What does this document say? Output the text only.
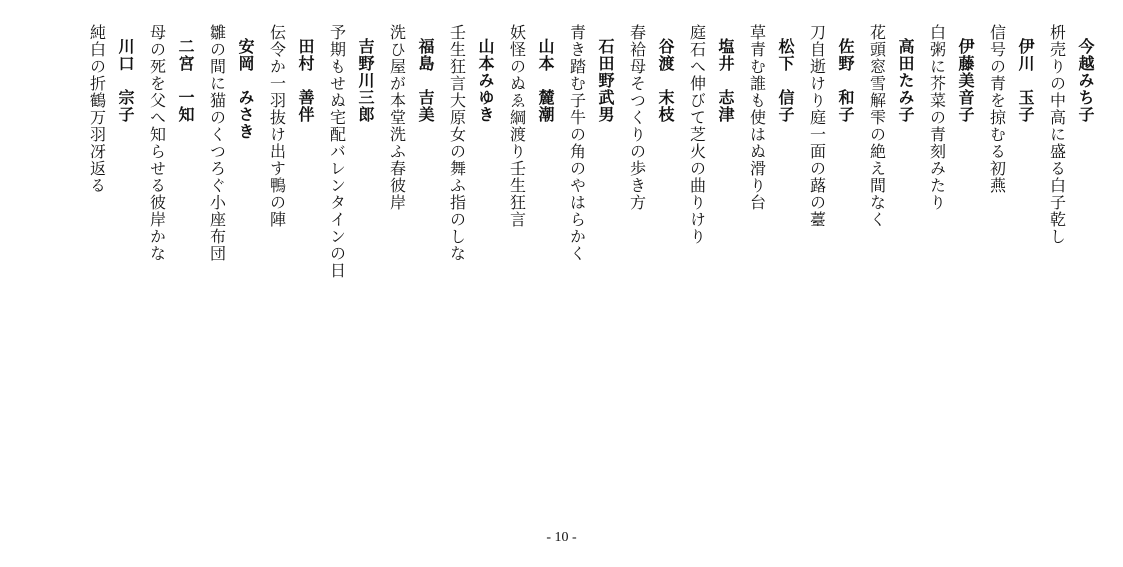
今越みち子
枡売りの中高に盛る白子乾し
伊川　玉子
信号の青を掠むる初燕
伊藤美音子
白粥に芥菜の青刻みたり
高田たみ子
花頭窓雪解雫の絶え間なく
佐野　和子
刀自逝けり庭一面の蕗の薹
松下　信子
草青む誰も使はぬ滑り台
塩井　志津
庭石へ伸びて芝火の曲りけり
谷渡　末枝
春袷母そつくりの歩き方
石田野武男
青き踏む子牛の角のやはらかく
山本　麓潮
妖怪のぬゑ綱渡り壬生狂言
山本みゆき
壬生狂言大原女の舞ふ指のしな
福島　吉美
洗ひ屋が本堂洗ふ春彼岸
吉野川三郎
予期もせぬ宅配バレンタインの日
田村　善伴
伝令か一羽抜け出す鴨の陣
安岡　みさき
雛の間に猫のくつろぐ小座布団
二宮　一知
母の死を父へ知らせる彼岸かな
川口　宗子
純白の折鶴万羽冴返る
- 10 -
